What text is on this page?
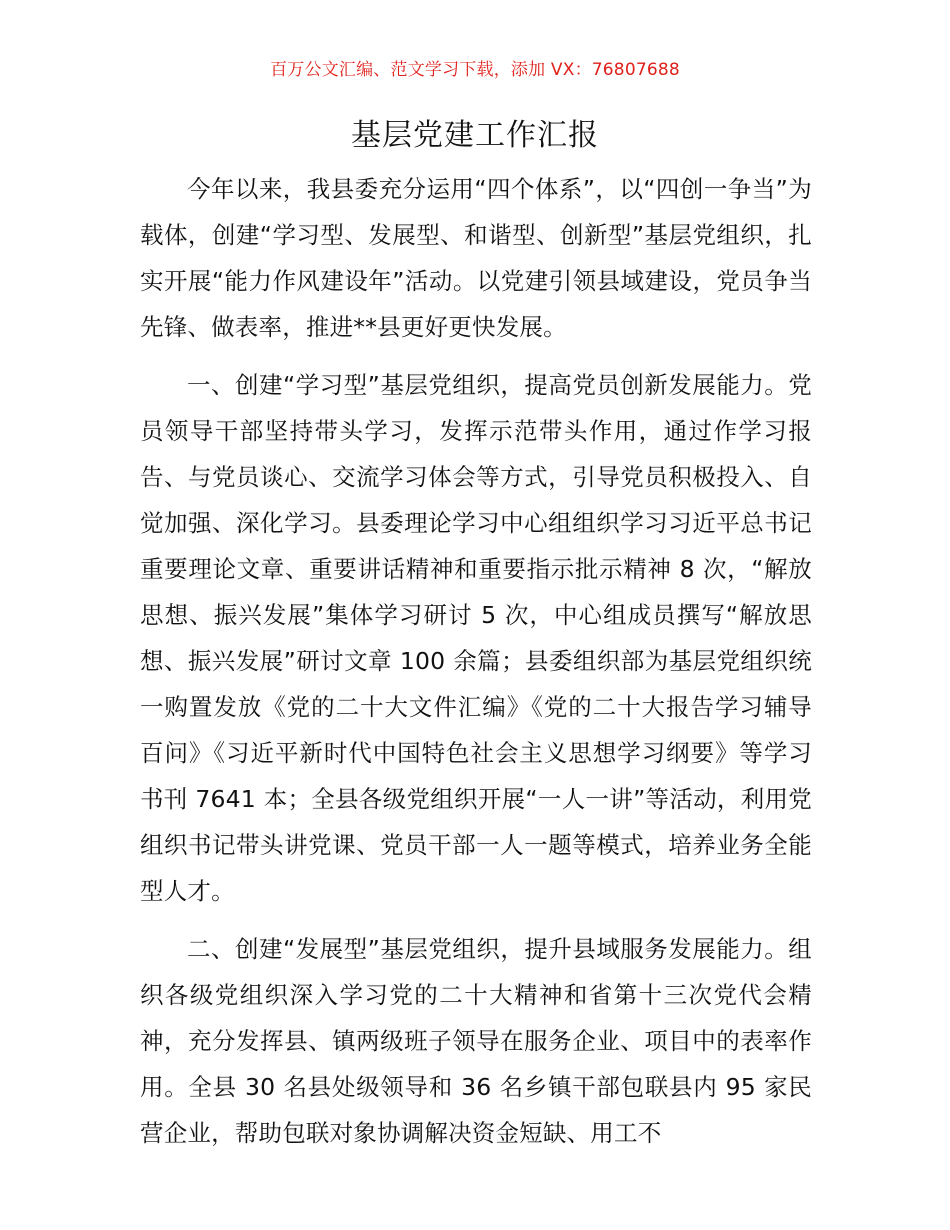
百万公文汇编、范文学习下载，添加 VX：76807688
基层党建工作汇报

今年以来，我县委充分运用“四个体系”，以“四创一争当”为载体，创建“学习型、发展型、和谐型、创新型”基层党组织，扎实开展“能力作风建设年”活动。以党建引领县域建设，党员争当先锋、做表率，推进**县更好更快发展。

一、创建“学习型”基层党组织，提高党员创新发展能力。党员领导干部坚持带头学习，发挥示范带头作用，通过作学习报告、与党员谈心、交流学习体会等方式，引导党员积极投入、自觉加强、深化学习。县委理论学习中心组组织学习习近平总书记重要理论文章、重要讲话精神和重要指示批示精神 8 次，“解放思想、振兴发展”集体学习研讨 5 次，中心组成员撰写“解放思想、振兴发展”研讨文章 100 余篇；县委组织部为基层党组织统一购置发放《党的二十大文件汇编》《党的二十大报告学习辅导百问》《习近平新时代中国特色社会主义思想学习纲要》等学习书刊 7641 本；全县各级党组织开展“一人一讲”等活动，利用党组织书记带头讲党课、党员干部一人一题等模式，培养业务全能型人才。

二、创建“发展型”基层党组织，提升县域服务发展能力。组织各级党组织深入学习党的二十大精神和省第十三次党代会精神，充分发挥县、镇两级班子领导在服务企业、项目中的表率作用。全县 30 名县处级领导和 36 名乡镇干部包联县内 95 家民营企业，帮助包联对象协调解决资金短缺、用工不
